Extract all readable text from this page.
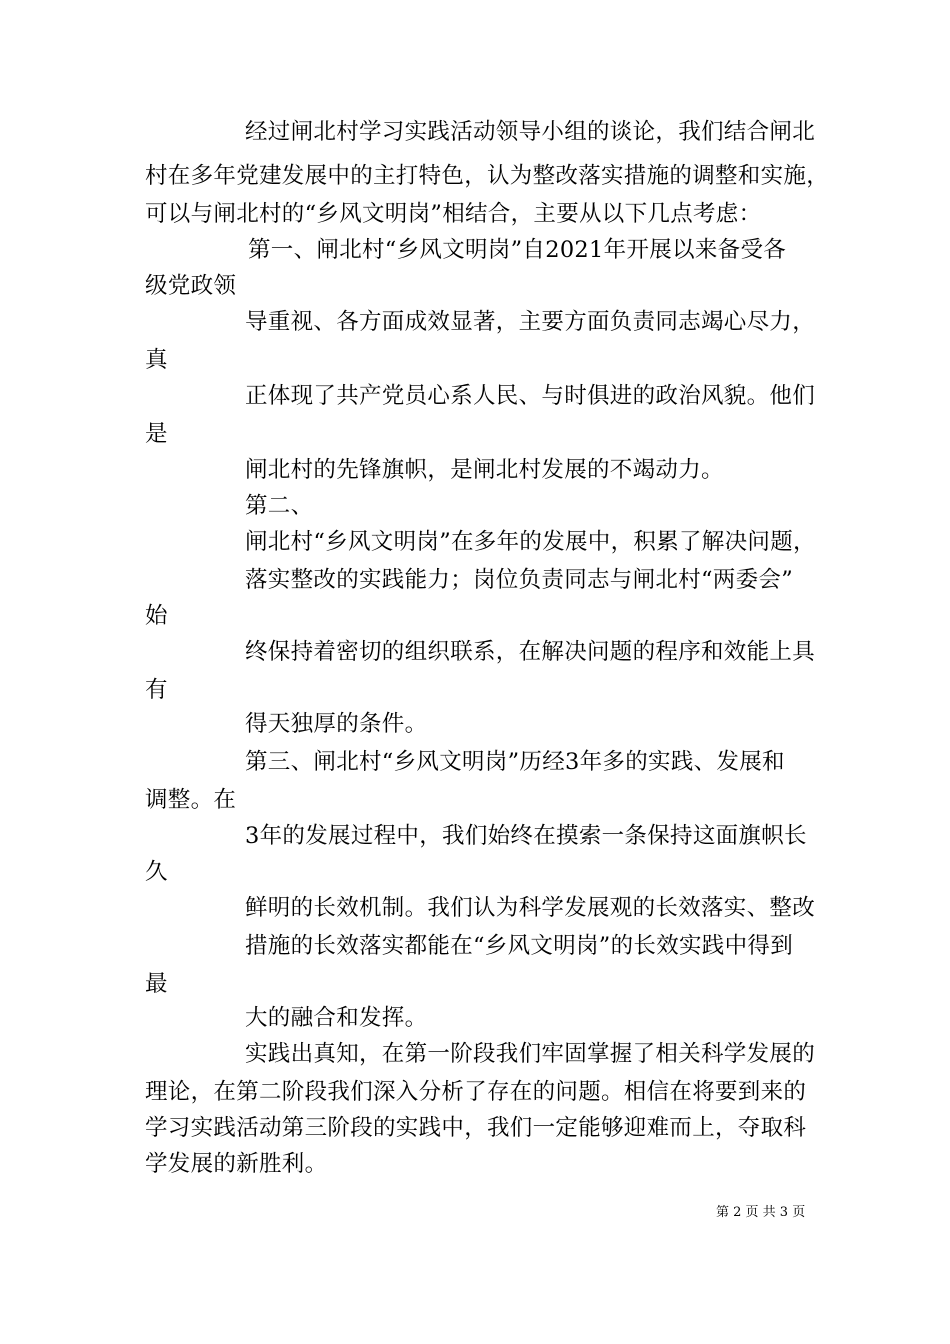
经过闸北村学习实践活动领导小组的谈论，我们结合闸北

村在多年党建发展中的主打特色，认为整改落实措施的调整和实施，

可以与闸北村的“乡风文明岗”相结合，主要从以下几点考虑：

第一、闸北村“乡风文明岗”自2021年开展以来备受各

级党政领

导重视、各方面成效显著，主要方面负责同志竭心尽力，

真

正体现了共产党员心系人民、与时俱进的政治风貌。他们

是

闸北村的先锋旗帜，是闸北村发展的不竭动力。

第二、

闸北村“乡风文明岗”在多年的发展中，积累了解决问题，

落实整改的实践能力；岗位负责同志与闸北村“两委会”

始

终保持着密切的组织联系，在解决问题的程序和效能上具

有

得天独厚的条件。

第三、闸北村“乡风文明岗”历经3年多的实践、发展和

调整。在

3年的发展过程中，我们始终在摸索一条保持这面旗帜长

久

鲜明的长效机制。我们认为科学发展观的长效落实、整改

措施的长效落实都能在“乡风文明岗”的长效实践中得到

最

大的融合和发挥。

实践出真知，在第一阶段我们牢固掌握了相关科学发展的

理论，在第二阶段我们深入分析了存在的问题。相信在将要到来的

学习实践活动第三阶段的实践中，我们一定能够迎难而上，夺取科

学发展的新胜利。

第 2 页 共 3 页
